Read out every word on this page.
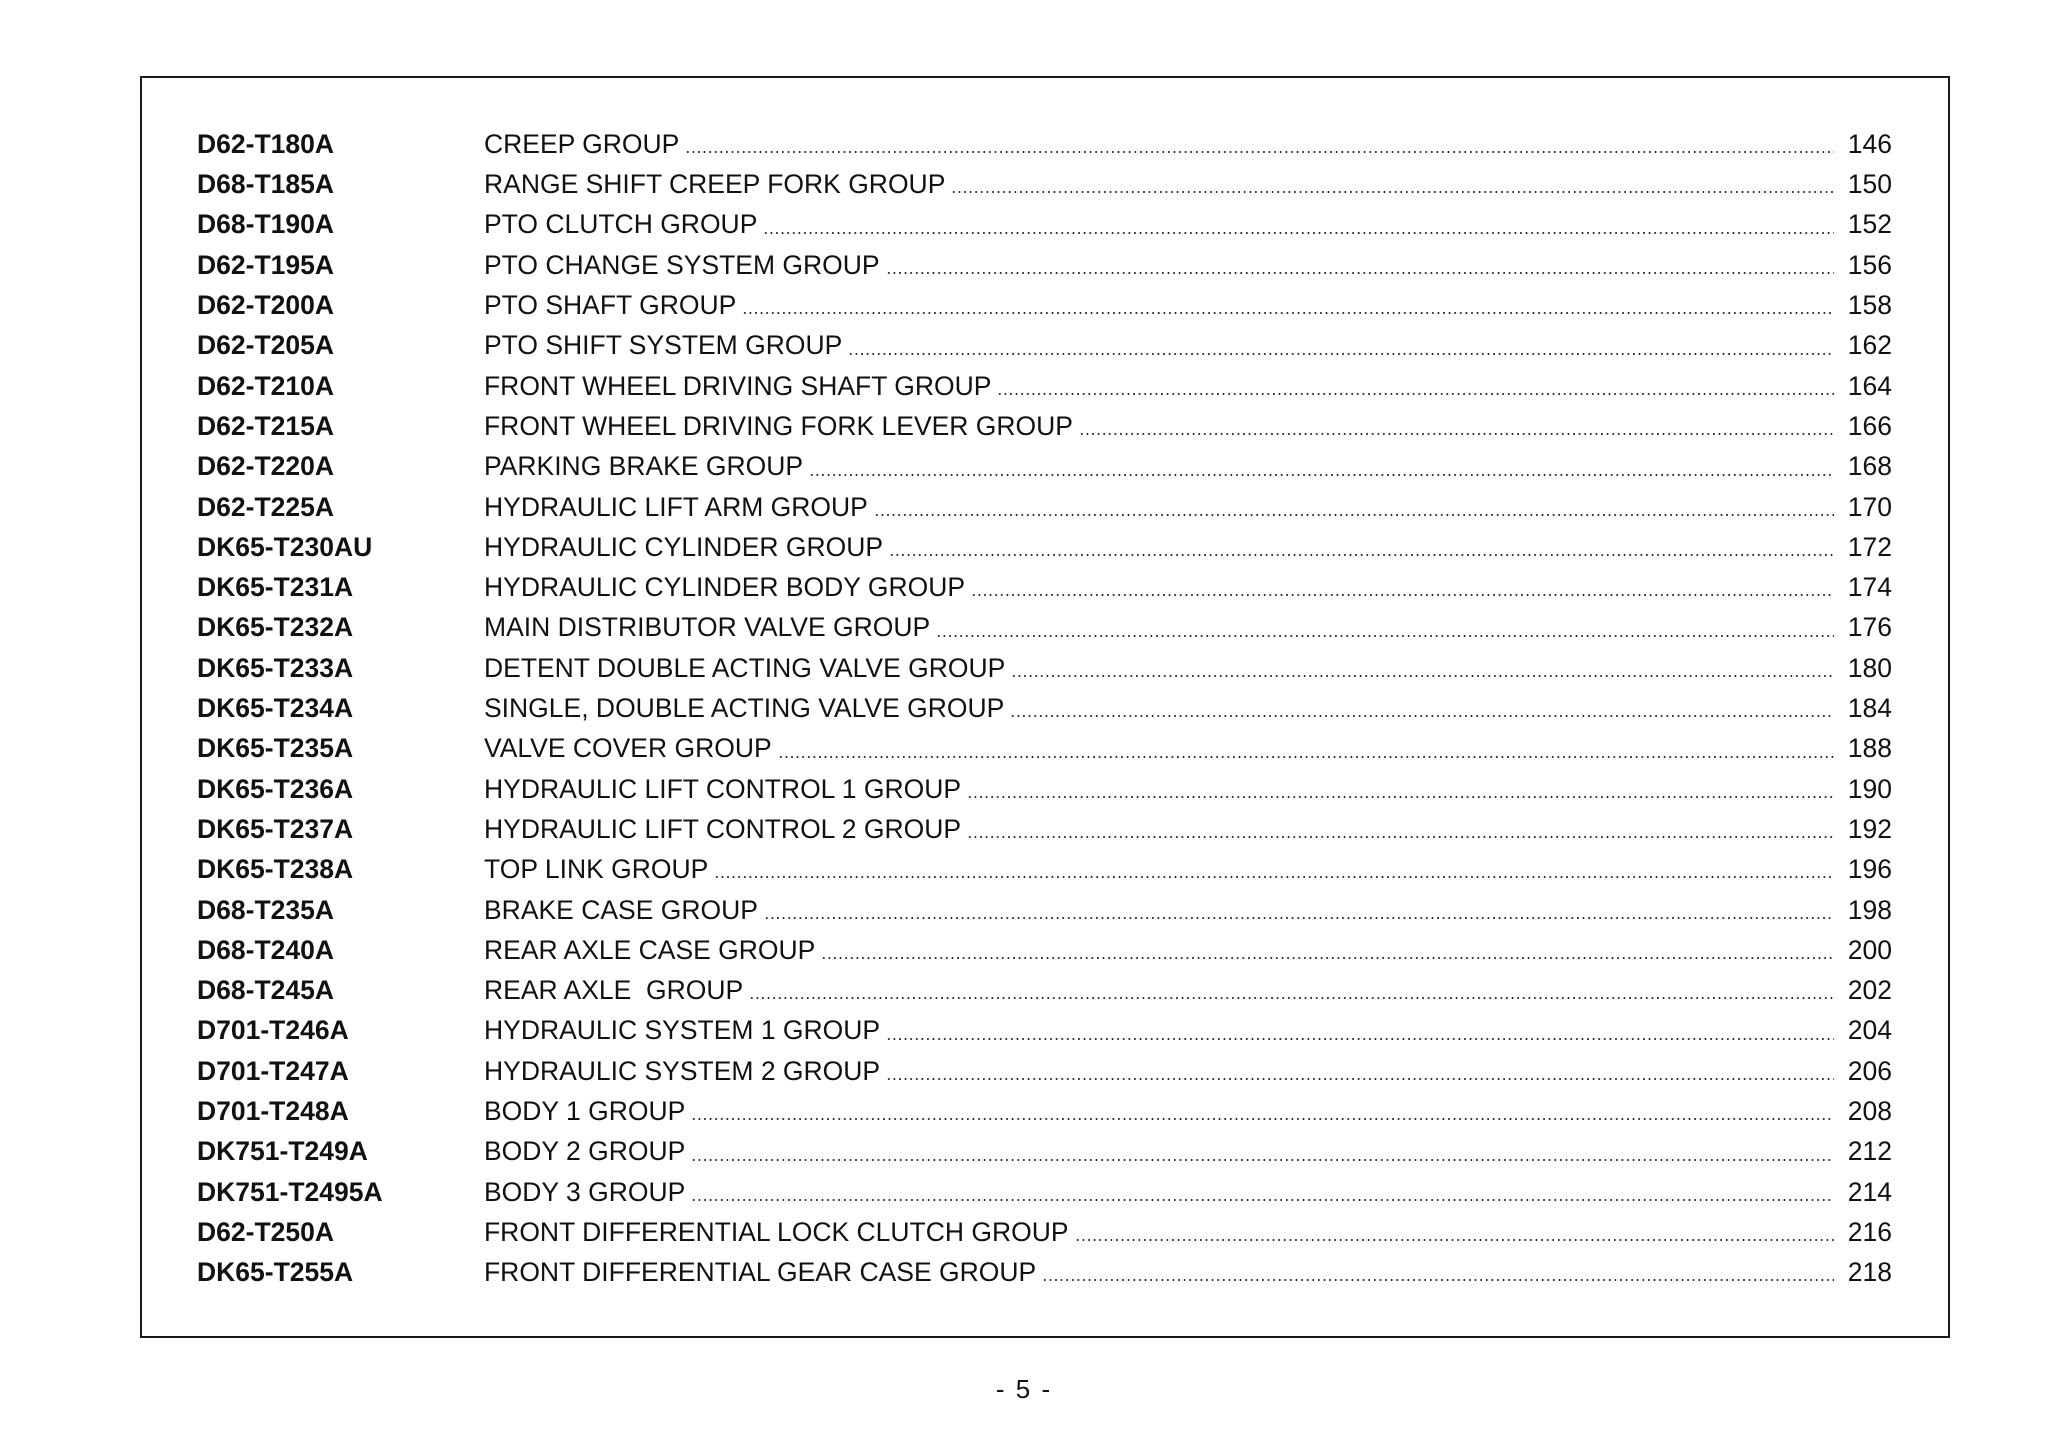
D62-T180A	CREEP GROUP	146
D68-T185A	RANGE SHIFT CREEP FORK GROUP	150
D68-T190A	PTO CLUTCH GROUP	152
D62-T195A	PTO CHANGE SYSTEM GROUP	156
D62-T200A	PTO SHAFT GROUP	158
D62-T205A	PTO SHIFT SYSTEM GROUP	162
D62-T210A	FRONT WHEEL DRIVING SHAFT GROUP	164
D62-T215A	FRONT WHEEL DRIVING FORK LEVER GROUP	166
D62-T220A	PARKING BRAKE GROUP	168
D62-T225A	HYDRAULIC LIFT ARM GROUP	170
DK65-T230AU	HYDRAULIC CYLINDER GROUP	172
DK65-T231A	HYDRAULIC CYLINDER BODY GROUP	174
DK65-T232A	MAIN DISTRIBUTOR VALVE GROUP	176
DK65-T233A	DETENT DOUBLE ACTING VALVE GROUP	180
DK65-T234A	SINGLE, DOUBLE ACTING VALVE GROUP	184
DK65-T235A	VALVE COVER GROUP	188
DK65-T236A	HYDRAULIC LIFT CONTROL 1 GROUP	190
DK65-T237A	HYDRAULIC LIFT CONTROL 2 GROUP	192
DK65-T238A	TOP LINK GROUP	196
D68-T235A	BRAKE CASE GROUP	198
D68-T240A	REAR AXLE CASE GROUP	200
D68-T245A	REAR AXLE  GROUP	202
D701-T246A	HYDRAULIC SYSTEM 1 GROUP	204
D701-T247A	HYDRAULIC SYSTEM 2 GROUP	206
D701-T248A	BODY 1 GROUP	208
DK751-T249A	BODY 2 GROUP	212
DK751-T2495A	BODY 3 GROUP	214
D62-T250A	FRONT DIFFERENTIAL LOCK CLUTCH GROUP	216
DK65-T255A	FRONT DIFFERENTIAL GEAR CASE GROUP	218
- 5 -
